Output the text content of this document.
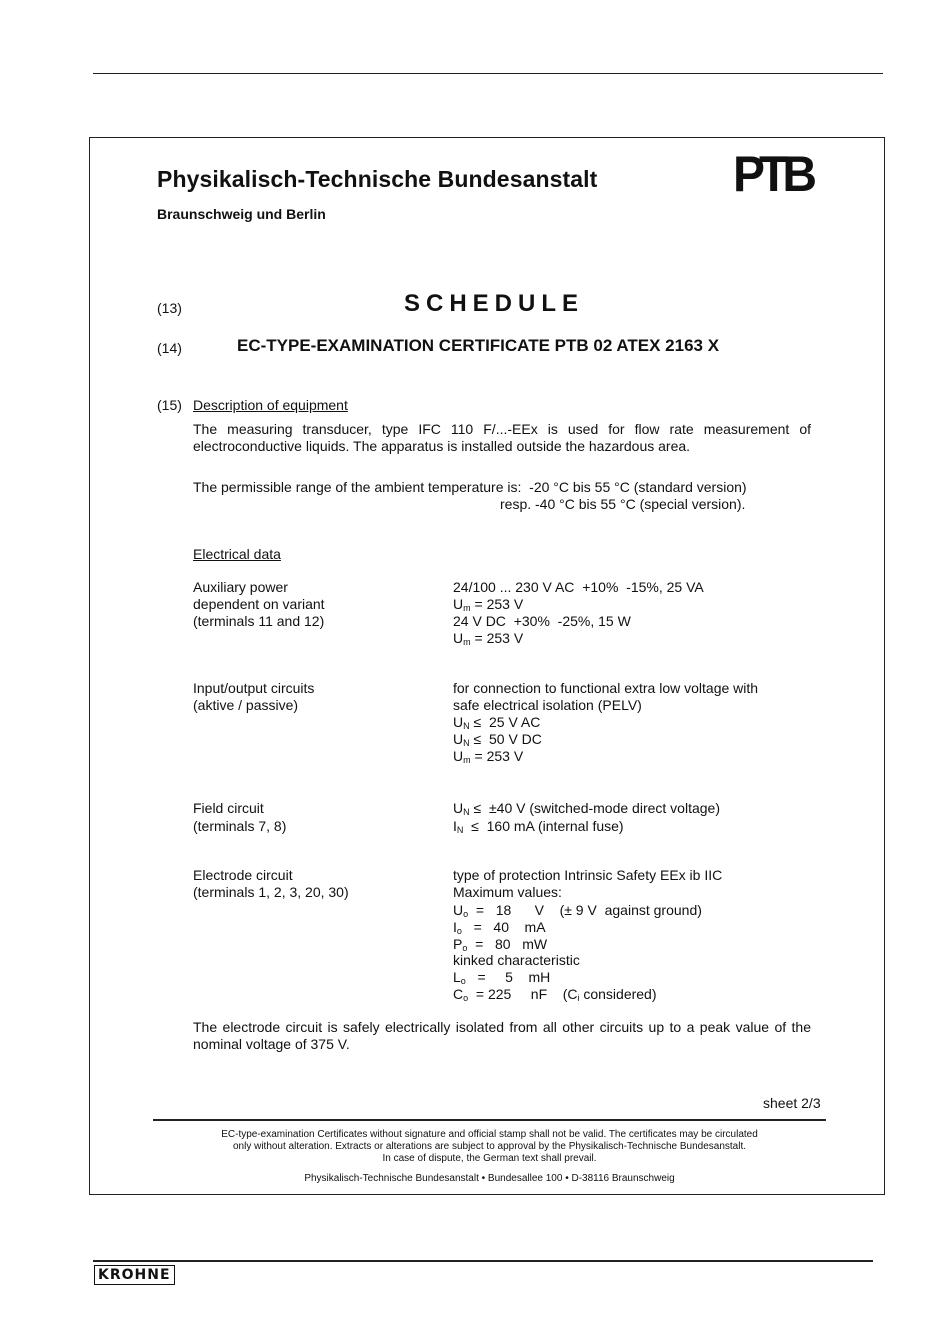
Physikalisch-Technische Bundesanstalt
Braunschweig und Berlin
PTB
(13)	SCHEDULE
(14)	EC-TYPE-EXAMINATION CERTIFICATE PTB 02 ATEX 2163 X
(15) Description of equipment
The measuring transducer, type IFC 110 F/...-EEx is used for flow rate measurement of electroconductive liquids. The apparatus is installed outside the hazardous area.
The permissible range of the ambient temperature is:  -20 °C bis 55 °C (standard version)
resp. -40 °C bis 55 °C (special version).
Electrical data
Auxiliary power
dependent on variant
(terminals 11 and 12)
24/100 ... 230 V AC  +10%  -15%, 25 VA
$U_m = 253$ V
24 V DC  +30%  -25%, 15 W
$U_m = 253$ V
Input/output circuits
(aktive / passive)
for connection to functional extra low voltage with
safe electrical isolation (PELV)
$U_N \le 25$ V AC
$U_N \le 50$ V DC
$U_m = 253$ V
Field circuit
(terminals 7, 8)
$U_N \le \pm 40$ V (switched-mode direct voltage)
$I_N \le 160$ mA (internal fuse)
Electrode circuit
(terminals 1, 2, 3, 20, 30)
type of protection Intrinsic Safety EEx ib IIC
Maximum values:
$U_o = 18$      V    (± 9 V  against ground)
$I_o = 40$    mA
$P_o = 80$   mW
kinked characteristic
$L_o$   =     5    mH
$C_o = 225$     nF    ($C_i$ considered)
The electrode circuit is safely electrically isolated from all other circuits up to a peak value of the nominal voltage of 375 V.
sheet 2/3
EC-type-examination Certificates without signature and official stamp shall not be valid. The certificates may be circulated
only without alteration. Extracts or alterations are subject to approval by the Physikalisch-Technische Bundesanstalt.
In case of dispute, the German text shall prevail.
Physikalisch-Technische Bundesanstalt • Bundesallee 100 • D-38116 Braunschweig
KROHNE
